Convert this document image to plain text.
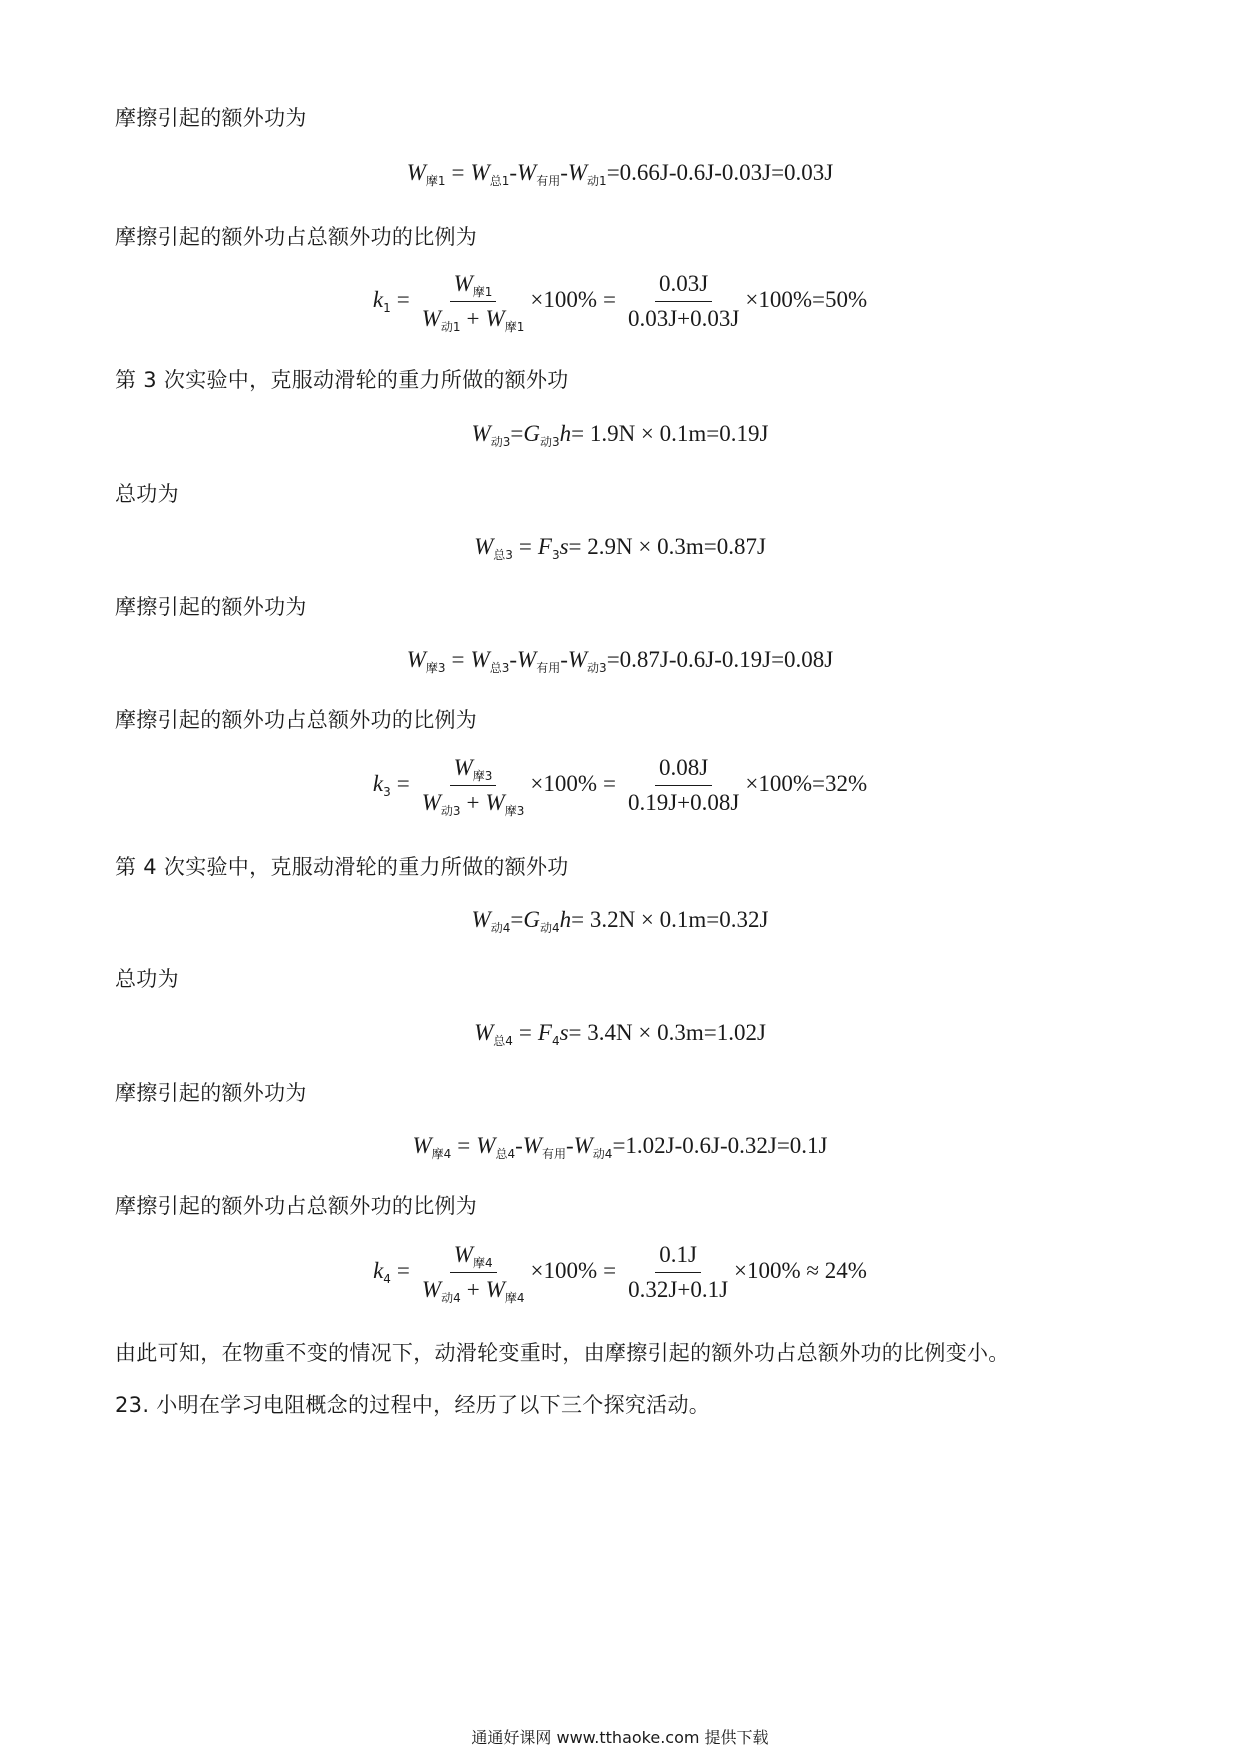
摩擦引起的额外功为
$W_{摩1} = W_{总1}-W_{有用}-W_{动1}=0.66J-0.6J-0.03J=0.03J$
摩擦引起的额外功占总额外功的比例为
$k_1 = \frac{W_{摩1}}{W_{动1} + W_{摩1}} \times 100\% = \frac{0.03J}{0.03J+0.03J} \times 100\%=50\%$
第 3 次实验中，克服动滑轮的重力所做的额外功
$W_{动3}=G_{动3}h= 1.9N \times 0.1m=0.19J$
总功为
$W_{总3} = F_3s= 2.9N \times 0.3m=0.87J$
摩擦引起的额外功为
$W_{摩3} = W_{总3}-W_{有用}-W_{动3}=0.87J-0.6J-0.19J=0.08J$
摩擦引起的额外功占总额外功的比例为
$k_3 = \frac{W_{摩3}}{W_{动3} + W_{摩3}} \times 100\% = \frac{0.08J}{0.19J+0.08J} \times 100\%=32\%$
第 4 次实验中，克服动滑轮的重力所做的额外功
$W_{动4}=G_{动4}h= 3.2N \times 0.1m=0.32J$
总功为
$W_{总4} = F_4s= 3.4N \times 0.3m=1.02J$
摩擦引起的额外功为
$W_{摩4} = W_{总4}-W_{有用}-W_{动4}=1.02J-0.6J-0.32J=0.1J$
摩擦引起的额外功占总额外功的比例为
$k_4 = \frac{W_{摩4}}{W_{动4} + W_{摩4}} \times 100\% = \frac{0.1J}{0.32J+0.1J} \times 100\% \approx 24\%$
由此可知，在物重不变的情况下，动滑轮变重时，由摩擦引起的额外功占总额外功的比例变小。
23. 小明在学习电阻概念的过程中，经历了以下三个探究活动。
通通好课网 www.tthaoke.com 提供下载
